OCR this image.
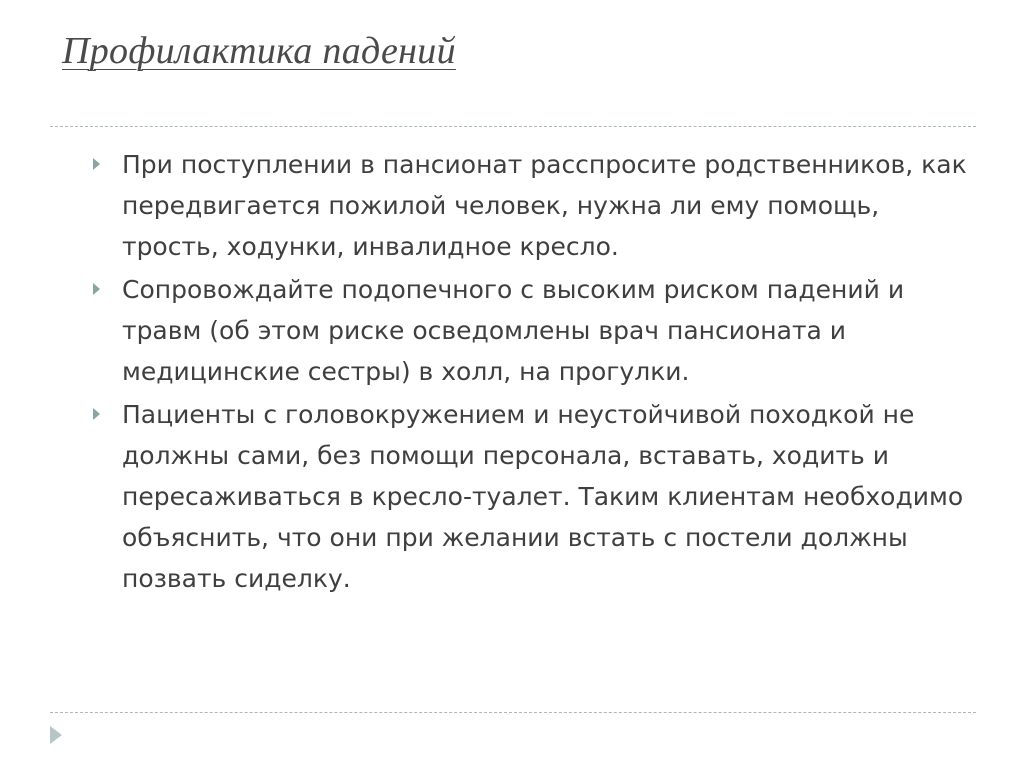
Профилактика падений
При поступлении в пансионат расспросите родственников, как передвигается пожилой человек, нужна ли ему помощь, трость, ходунки, инвалидное кресло.
Сопровождайте подопечного с высоким риском падений и травм (об этом риске осведомлены врач пансионата и медицинские сестры) в холл, на прогулки.
Пациенты с головокружением и неустойчивой походкой не должны сами, без помощи персонала, вставать, ходить и пересаживаться в кресло-туалет. Таким клиентам необходимо объяснить, что они при желании встать с постели должны позвать сиделку.
